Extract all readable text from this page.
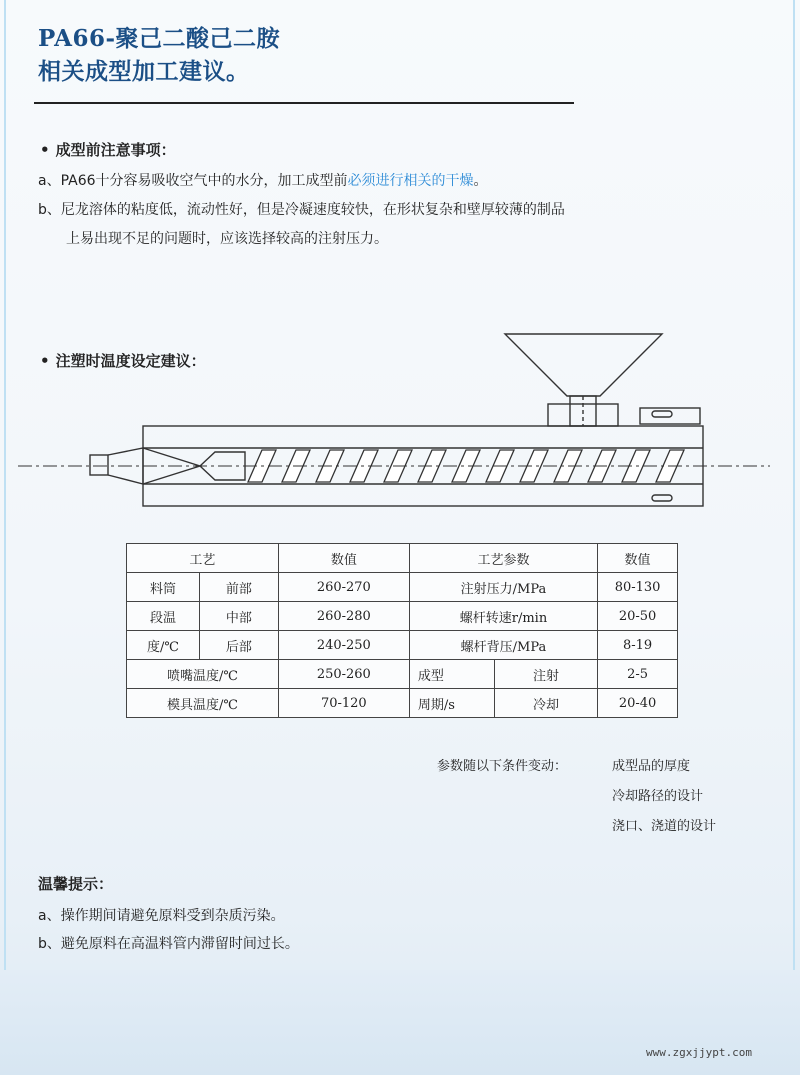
PA66-聚己二酸己二胺
相关成型加工建议。
• 成型前注意事项：

a、PA66十分容易吸收空气中的水分，加工成型前必须进行相关的干燥。

b、尼龙溶体的粘度低，流动性好，但是冷凝速度较快，在形状复杂和壁厚较薄的制品

上易出现不足的问题时，应该选择较高的注射压力。

• 注塑时温度设定建议：
工艺		数值	工艺参数		数值
料筒	前部	260-270	注射压力/MPa		80-130
段温	中部	260-280	螺杆转速r/min		20-50
度/℃	后部	240-250	螺杆背压/MPa		8-19
喷嘴温度/℃		250-260	成型	注射	2-5
模具温度/℃		70-120	周期/s	冷却	20-40
参数随以下条件变动：	成型品的厚度
冷却路径的设计
浇口、浇道的设计
温馨提示：
a、操作期间请避免原料受到杂质污染。
b、避免原料在高温料管内滞留时间过长。
www.zgxjjypt.com
